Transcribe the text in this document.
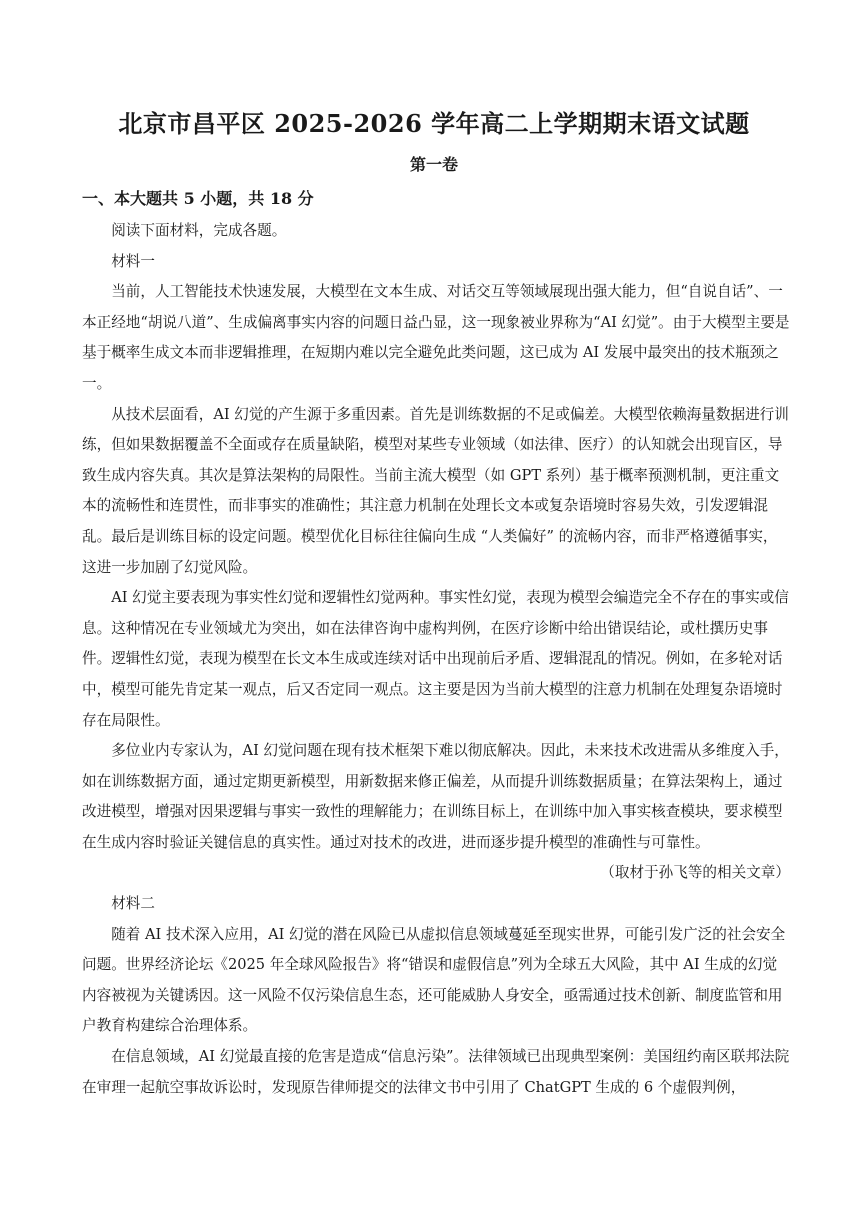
北京市昌平区 2025-2026 学年高二上学期期末语文试题
第一卷
一、本大题共 5 小题，共 18 分

阅读下面材料，完成各题。

材料一

当前，人工智能技术快速发展，大模型在文本生成、对话交互等领域展现出强大能力，但“自说自话”、一本正经地“胡说八道”、生成偏离事实内容的问题日益凸显，这一现象被业界称为“AI 幻觉”。由于大模型主要是基于概率生成文本而非逻辑推理，在短期内难以完全避免此类问题，这已成为 AI 发展中最突出的技术瓶颈之一。

从技术层面看，AI 幻觉的产生源于多重因素。首先是训练数据的不足或偏差。大模型依赖海量数据进行训练，但如果数据覆盖不全面或存在质量缺陷，模型对某些专业领域（如法律、医疗）的认知就会出现盲区，导致生成内容失真。其次是算法架构的局限性。当前主流大模型（如 GPT 系列）基于概率预测机制，更注重文本的流畅性和连贯性，而非事实的准确性；其注意力机制在处理长文本或复杂语境时容易失效，引发逻辑混乱。最后是训练目标的设定问题。模型优化目标往往偏向生成 “人类偏好” 的流畅内容，而非严格遵循事实，这进一步加剧了幻觉风险。

AI 幻觉主要表现为事实性幻觉和逻辑性幻觉两种。事实性幻觉，表现为模型会编造完全不存在的事实或信息。这种情况在专业领域尤为突出，如在法律咨询中虚构判例，在医疗诊断中给出错误结论，或杜撰历史事件。逻辑性幻觉，表现为模型在长文本生成或连续对话中出现前后矛盾、逻辑混乱的情况。例如，在多轮对话中，模型可能先肯定某一观点，后又否定同一观点。这主要是因为当前大模型的注意力机制在处理复杂语境时存在局限性。

多位业内专家认为，AI 幻觉问题在现有技术框架下难以彻底解决。因此，未来技术改进需从多维度入手，如在训练数据方面，通过定期更新模型，用新数据来修正偏差，从而提升训练数据质量；在算法架构上，通过改进模型，增强对因果逻辑与事实一致性的理解能力；在训练目标上，在训练中加入事实核查模块，要求模型在生成内容时验证关键信息的真实性。通过对技术的改进，进而逐步提升模型的准确性与可靠性。

（取材于孙飞等的相关文章）

材料二

随着 AI 技术深入应用，AI 幻觉的潜在风险已从虚拟信息领域蔓延至现实世界，可能引发广泛的社会安全问题。世界经济论坛《2025 年全球风险报告》将“错误和虚假信息”列为全球五大风险，其中 AI 生成的幻觉内容被视为关键诱因。这一风险不仅污染信息生态，还可能威胁人身安全，亟需通过技术创新、制度监管和用户教育构建综合治理体系。

在信息领域，AI 幻觉最直接的危害是造成“信息污染”。法律领域已出现典型案例：美国纽约南区联邦法院在审理一起航空事故诉讼时，发现原告律师提交的法律文书中引用了 ChatGPT 生成的 6 个虚假判例，
